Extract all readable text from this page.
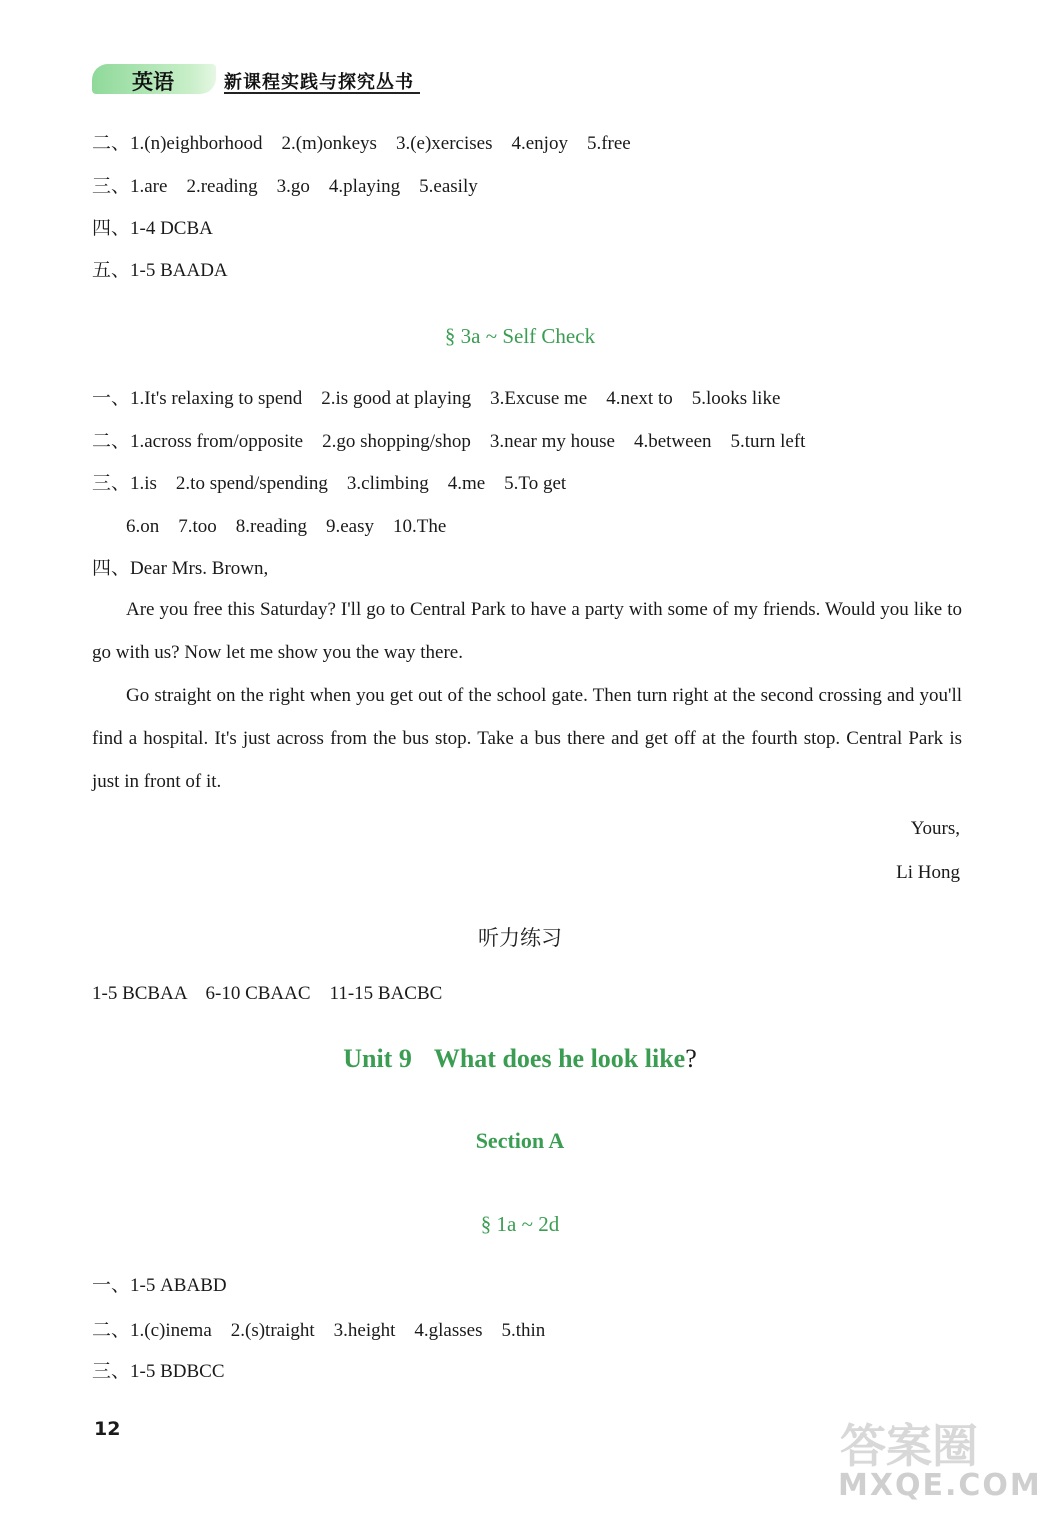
英语	新课程实践与探究丛书
二、1.(n)eighborhood　2.(m)onkeys　3.(e)xercises　4.enjoy　5.free
三、1.are　2.reading　3.go　4.playing　5.easily
四、1-4 DCBA
五、1-5 BAADA
§ 3a ~ Self Check
一、1.It's relaxing to spend　2.is good at playing　3.Excuse me　4.next to　5.looks like
二、1.across from/opposite　2.go shopping/shop　3.near my house　4.between　5.turn left
三、1.is　2.to spend/spending　3.climbing　4.me　5.To get
6.on　7.too　8.reading　9.easy　10.The
四、Dear Mrs. Brown,
Are you free this Saturday? I'll go to Central Park to have a party with some of my friends. Would you like to go with us? Now let me show you the way there.
Go straight on the right when you get out of the school gate. Then turn right at the second crossing and you'll find a hospital. It's just across from the bus stop. Take a bus there and get off at the fourth stop. Central Park is just in front of it.
Yours,
Li Hong
听力练习
1-5 BCBAA　6-10 CBAAC　11-15 BACBC
Unit 9 What does he look like?
Section A
§ 1a ~ 2d
一、1-5 ABABD
二、1.(c)inema　2.(s)traight　3.height　4.glasses　5.thin
三、1-5 BDBCC
12	答案圈
MXQE.COM
